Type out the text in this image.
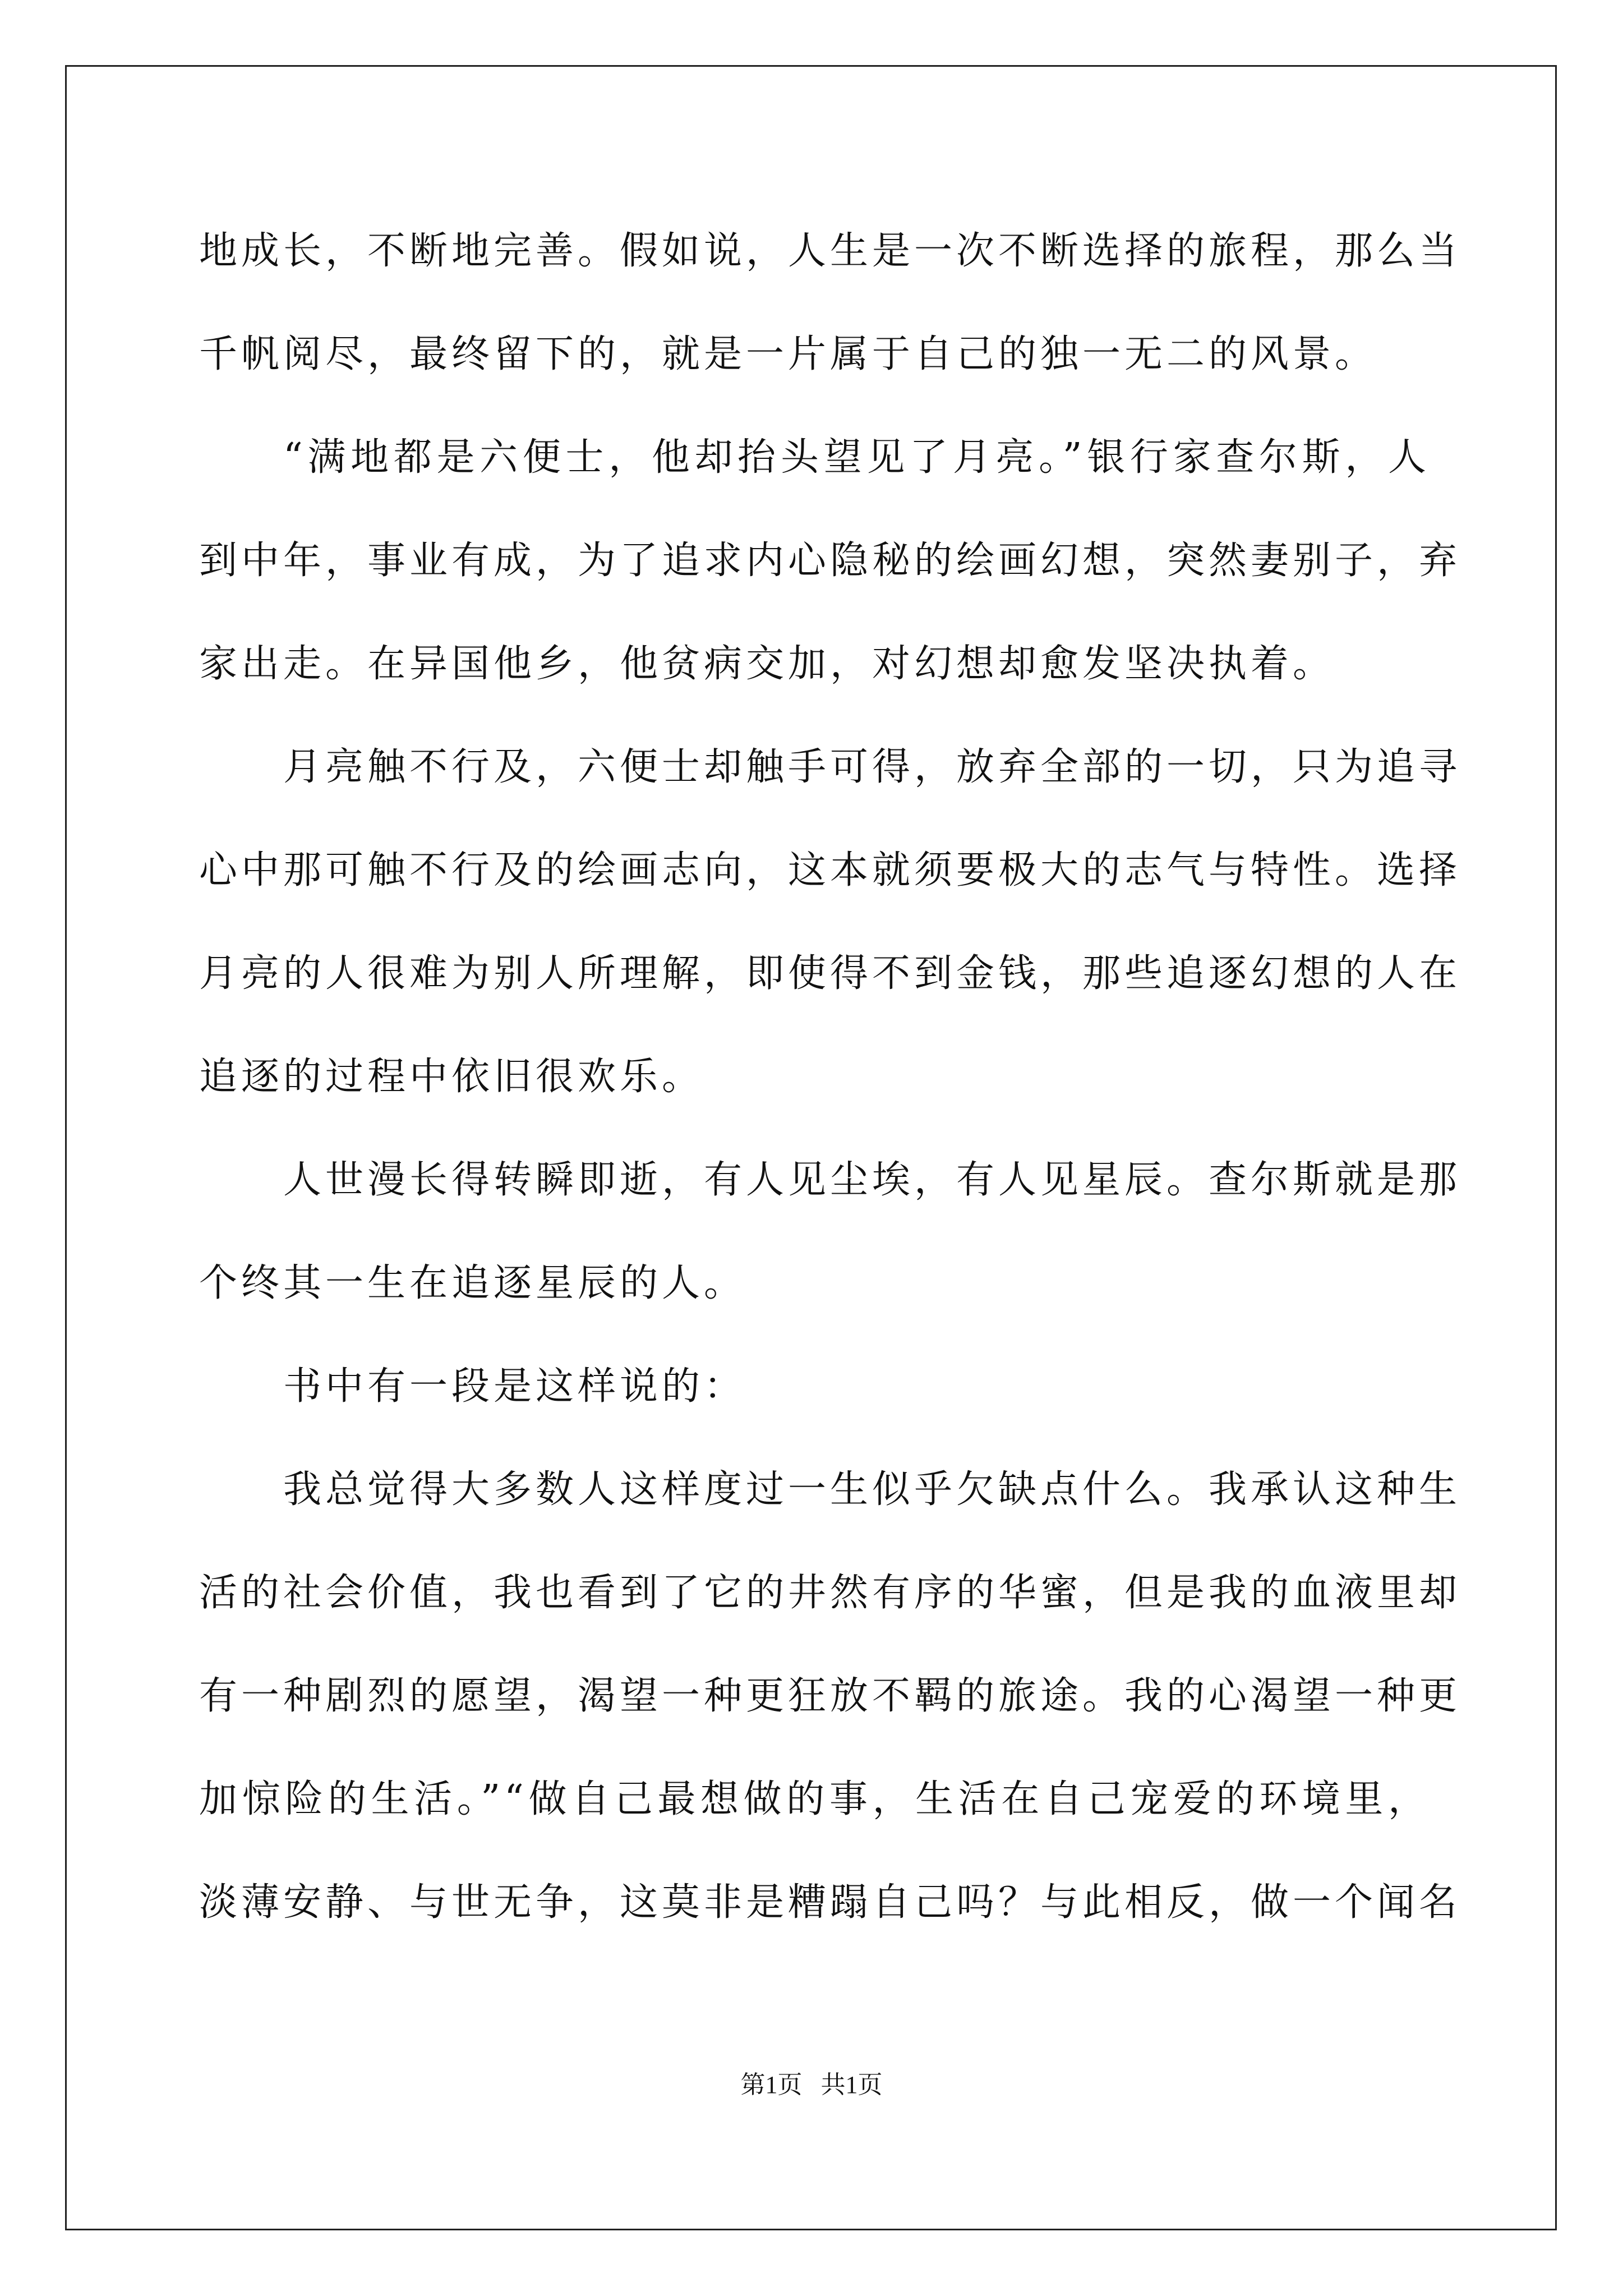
地成长，不断地完善。假如说，人生是一次不断选择的旅程，那么当
千帆阅尽，最终留下的，就是一片属于自己的独一无二的风景。
“满地都是六便士，他却抬头望见了月亮。”银行家查尔斯，人
到中年，事业有成，为了追求内心隐秘的绘画幻想，突然妻别子，弃
家出走。在异国他乡，他贫病交加，对幻想却愈发坚决执着。
月亮触不行及，六便士却触手可得，放弃全部的一切，只为追寻
心中那可触不行及的绘画志向，这本就须要极大的志气与特性。选择
月亮的人很难为别人所理解，即使得不到金钱，那些追逐幻想的人在
追逐的过程中依旧很欢乐。
人世漫长得转瞬即逝，有人见尘埃，有人见星辰。查尔斯就是那
个终其一生在追逐星辰的人。
书中有一段是这样说的：
我总觉得大多数人这样度过一生似乎欠缺点什么。我承认这种生
活的社会价值，我也看到了它的井然有序的华蜜，但是我的血液里却
有一种剧烈的愿望，渴望一种更狂放不羁的旅途。我的心渴望一种更
加惊险的生活。”“做自己最想做的事，生活在自己宠爱的环境里，
淡薄安静、与世无争，这莫非是糟蹋自己吗？与此相反，做一个闻名
第1页   共1页
